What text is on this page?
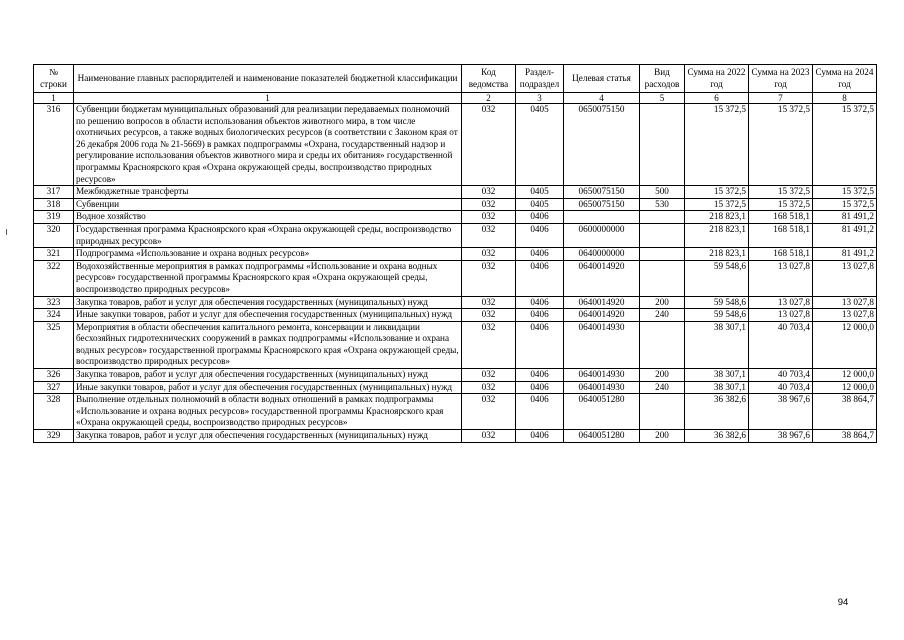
№ строки	Наименование главных распорядителей и наименование показателей бюджетной классификации	Код ведомства	Раздел-подраздел	Целевая статья	Вид расходов	Сумма на 2022 год	Сумма на 2023 год	Сумма на 2024 год
1	1	2	3	4	5	6	7	8
316	Субвенции бюджетам муниципальных образований для реализации передаваемых полномочий по решению вопросов в области использования объектов животного мира, в том числе охотничьих ресурсов, а также водных биологических ресурсов (в соответствии с Законом края от 26 декабря 2006 года № 21-5669) в рамках подпрограммы «Охрана, государственный надзор и регулирование использования объектов животного мира и среды их обитания» государственной программы Красноярского края «Охрана окружающей среды, воспроизводство природных ресурсов»	032	0405	0650075150		15 372,5	15 372,5	15 372,5
317	Межбюджетные трансферты	032	0405	0650075150	500	15 372,5	15 372,5	15 372,5
318	Субвенции	032	0405	0650075150	530	15 372,5	15 372,5	15 372,5
319	Водное хозяйство	032	0406			218 823,1	168 518,1	81 491,2
320	Государственная программа Красноярского края «Охрана окружающей среды, воспроизводство природных ресурсов»	032	0406	0600000000		218 823,1	168 518,1	81 491,2
321	Подпрограмма «Использование и охрана водных ресурсов»	032	0406	0640000000		218 823,1	168 518,1	81 491,2
322	Водохозяйственные мероприятия в рамках подпрограммы «Использование и охрана водных ресурсов» государственной программы Красноярского края «Охрана окружающей среды, воспроизводство природных ресурсов»	032	0406	0640014920		59 548,6	13 027,8	13 027,8
323	Закупка товаров, работ и услуг для обеспечения государственных (муниципальных) нужд	032	0406	0640014920	200	59 548,6	13 027,8	13 027,8
324	Иные закупки товаров, работ и услуг для обеспечения государственных (муниципальных) нужд	032	0406	0640014920	240	59 548,6	13 027,8	13 027,8
325	Мероприятия в области обеспечения капитального ремонта, консервации и ликвидации бесхозяйных гидротехнических сооружений в рамках подпрограммы «Использование и охрана водных ресурсов» государственной программы Красноярского края «Охрана окружающей среды, воспроизводство природных ресурсов»	032	0406	0640014930		38 307,1	40 703,4	12 000,0
326	Закупка товаров, работ и услуг для обеспечения государственных (муниципальных) нужд	032	0406	0640014930	200	38 307,1	40 703,4	12 000,0
327	Иные закупки товаров, работ и услуг для обеспечения государственных (муниципальных) нужд	032	0406	0640014930	240	38 307,1	40 703,4	12 000,0
328	Выполнение отдельных полномочий в области водных отношений в рамках подпрограммы «Использование и охрана водных ресурсов» государственной программы Красноярского края «Охрана окружающей среды, воспроизводство природных ресурсов»	032	0406	0640051280		36 382,6	38 967,6	38 864,7
329	Закупка товаров, работ и услуг для обеспечения государственных (муниципальных) нужд	032	0406	0640051280	200	36 382,6	38 967,6	38 864,7
94
